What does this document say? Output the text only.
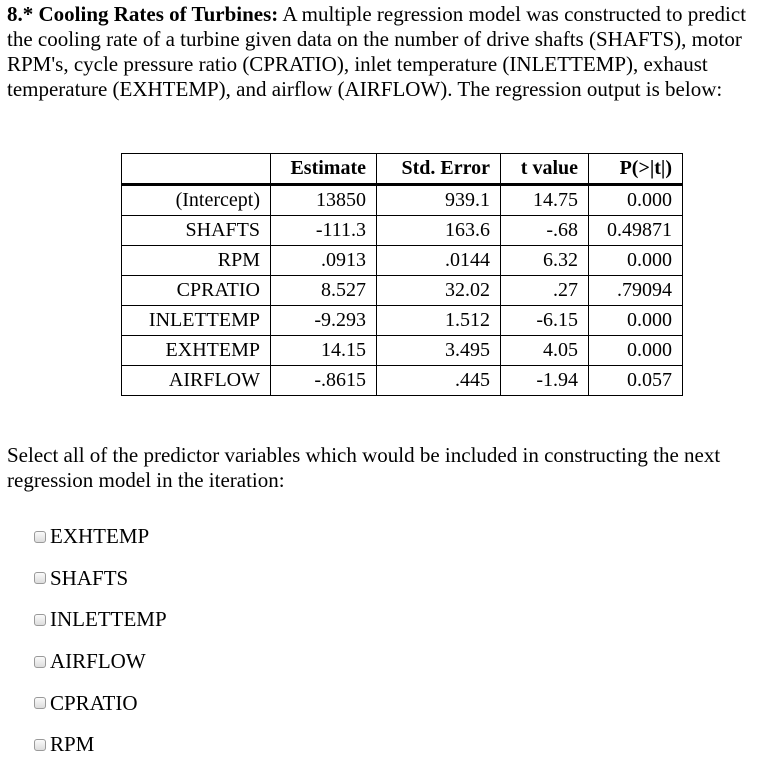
8.* Cooling Rates of Turbines: A multiple regression model was constructed to predict the cooling rate of a turbine given data on the number of drive shafts (SHAFTS), motor RPM's, cycle pressure ratio (CPRATIO), inlet temperature (INLETTEMP), exhaust temperature (EXHTEMP), and airflow (AIRFLOW). The regression output is below:
	Estimate	Std. Error	t value	P(>|t|)
(Intercept)	13850	939.1	14.75	0.000
SHAFTS	-111.3	163.6	-.68	0.49871
RPM	.0913	.0144	6.32	0.000
CPRATIO	8.527	32.02	.27	.79094
INLETTEMP	-9.293	1.512	-6.15	0.000
EXHTEMP	14.15	3.495	4.05	0.000
AIRFLOW	-.8615	.445	-1.94	0.057
Select all of the predictor variables which would be included in constructing the next regression model in the iteration:
EXHTEMP
SHAFTS
INLETTEMP
AIRFLOW
CPRATIO
RPM
